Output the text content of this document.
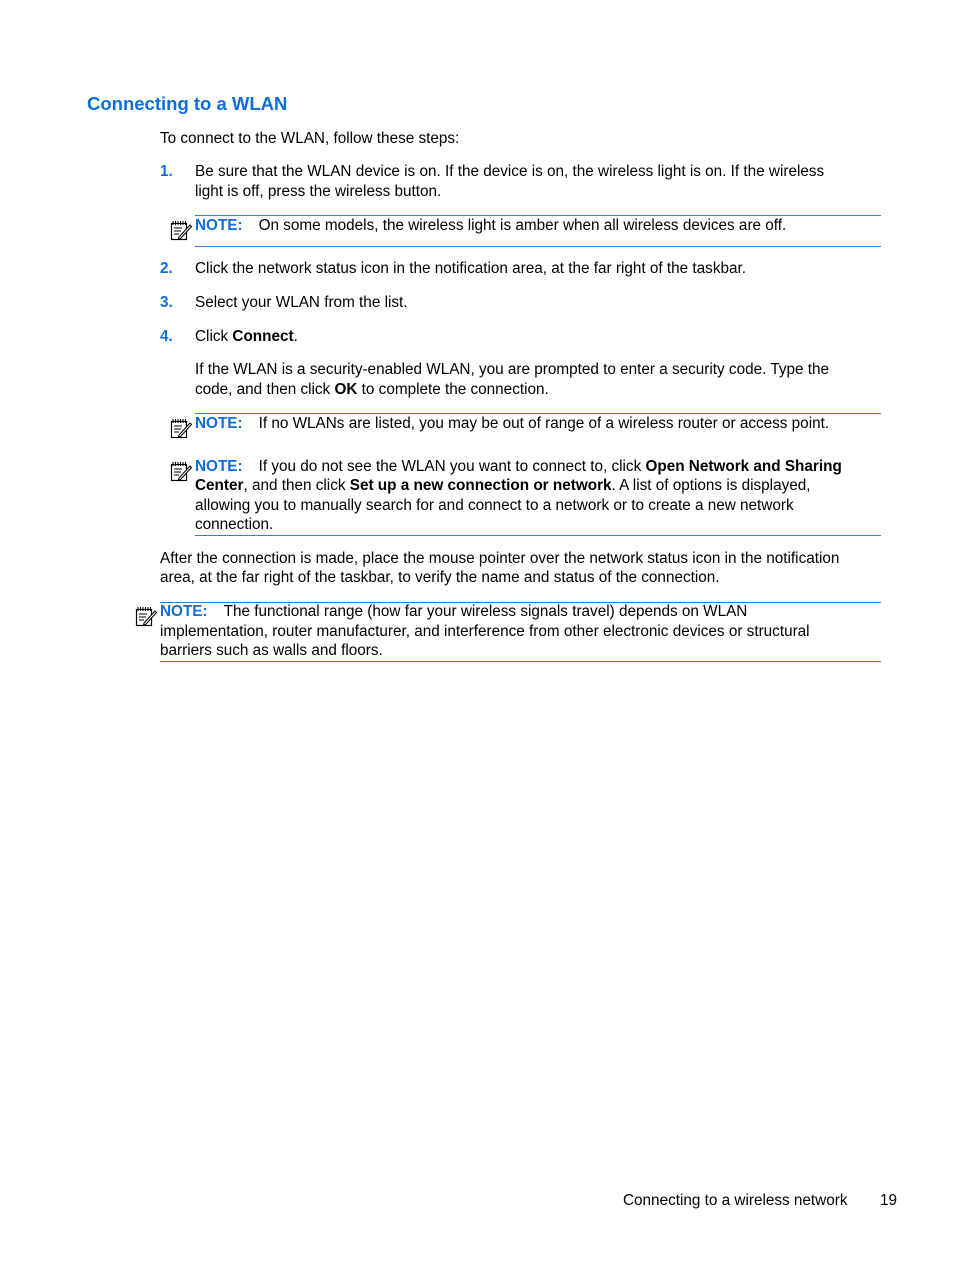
Connecting to a WLAN
To connect to the WLAN, follow these steps:
1. Be sure that the WLAN device is on. If the device is on, the wireless light is on. If the wireless
light is off, press the wireless button.
NOTE: On some models, the wireless light is amber when all wireless devices are off.
2. Click the network status icon in the notification area, at the far right of the taskbar.
3. Select your WLAN from the list.
4. Click Connect.
If the WLAN is a security-enabled WLAN, you are prompted to enter a security code. Type the
code, and then click OK to complete the connection.
NOTE: If no WLANs are listed, you may be out of range of a wireless router or access point.
NOTE: If you do not see the WLAN you want to connect to, click Open Network and Sharing
Center, and then click Set up a new connection or network. A list of options is displayed,
allowing you to manually search for and connect to a network or to create a new network
connection.
After the connection is made, place the mouse pointer over the network status icon in the notification
area, at the far right of the taskbar, to verify the name and status of the connection.
NOTE: The functional range (how far your wireless signals travel) depends on WLAN
implementation, router manufacturer, and interference from other electronic devices or structural
barriers such as walls and floors.
Connecting to a wireless network 19
